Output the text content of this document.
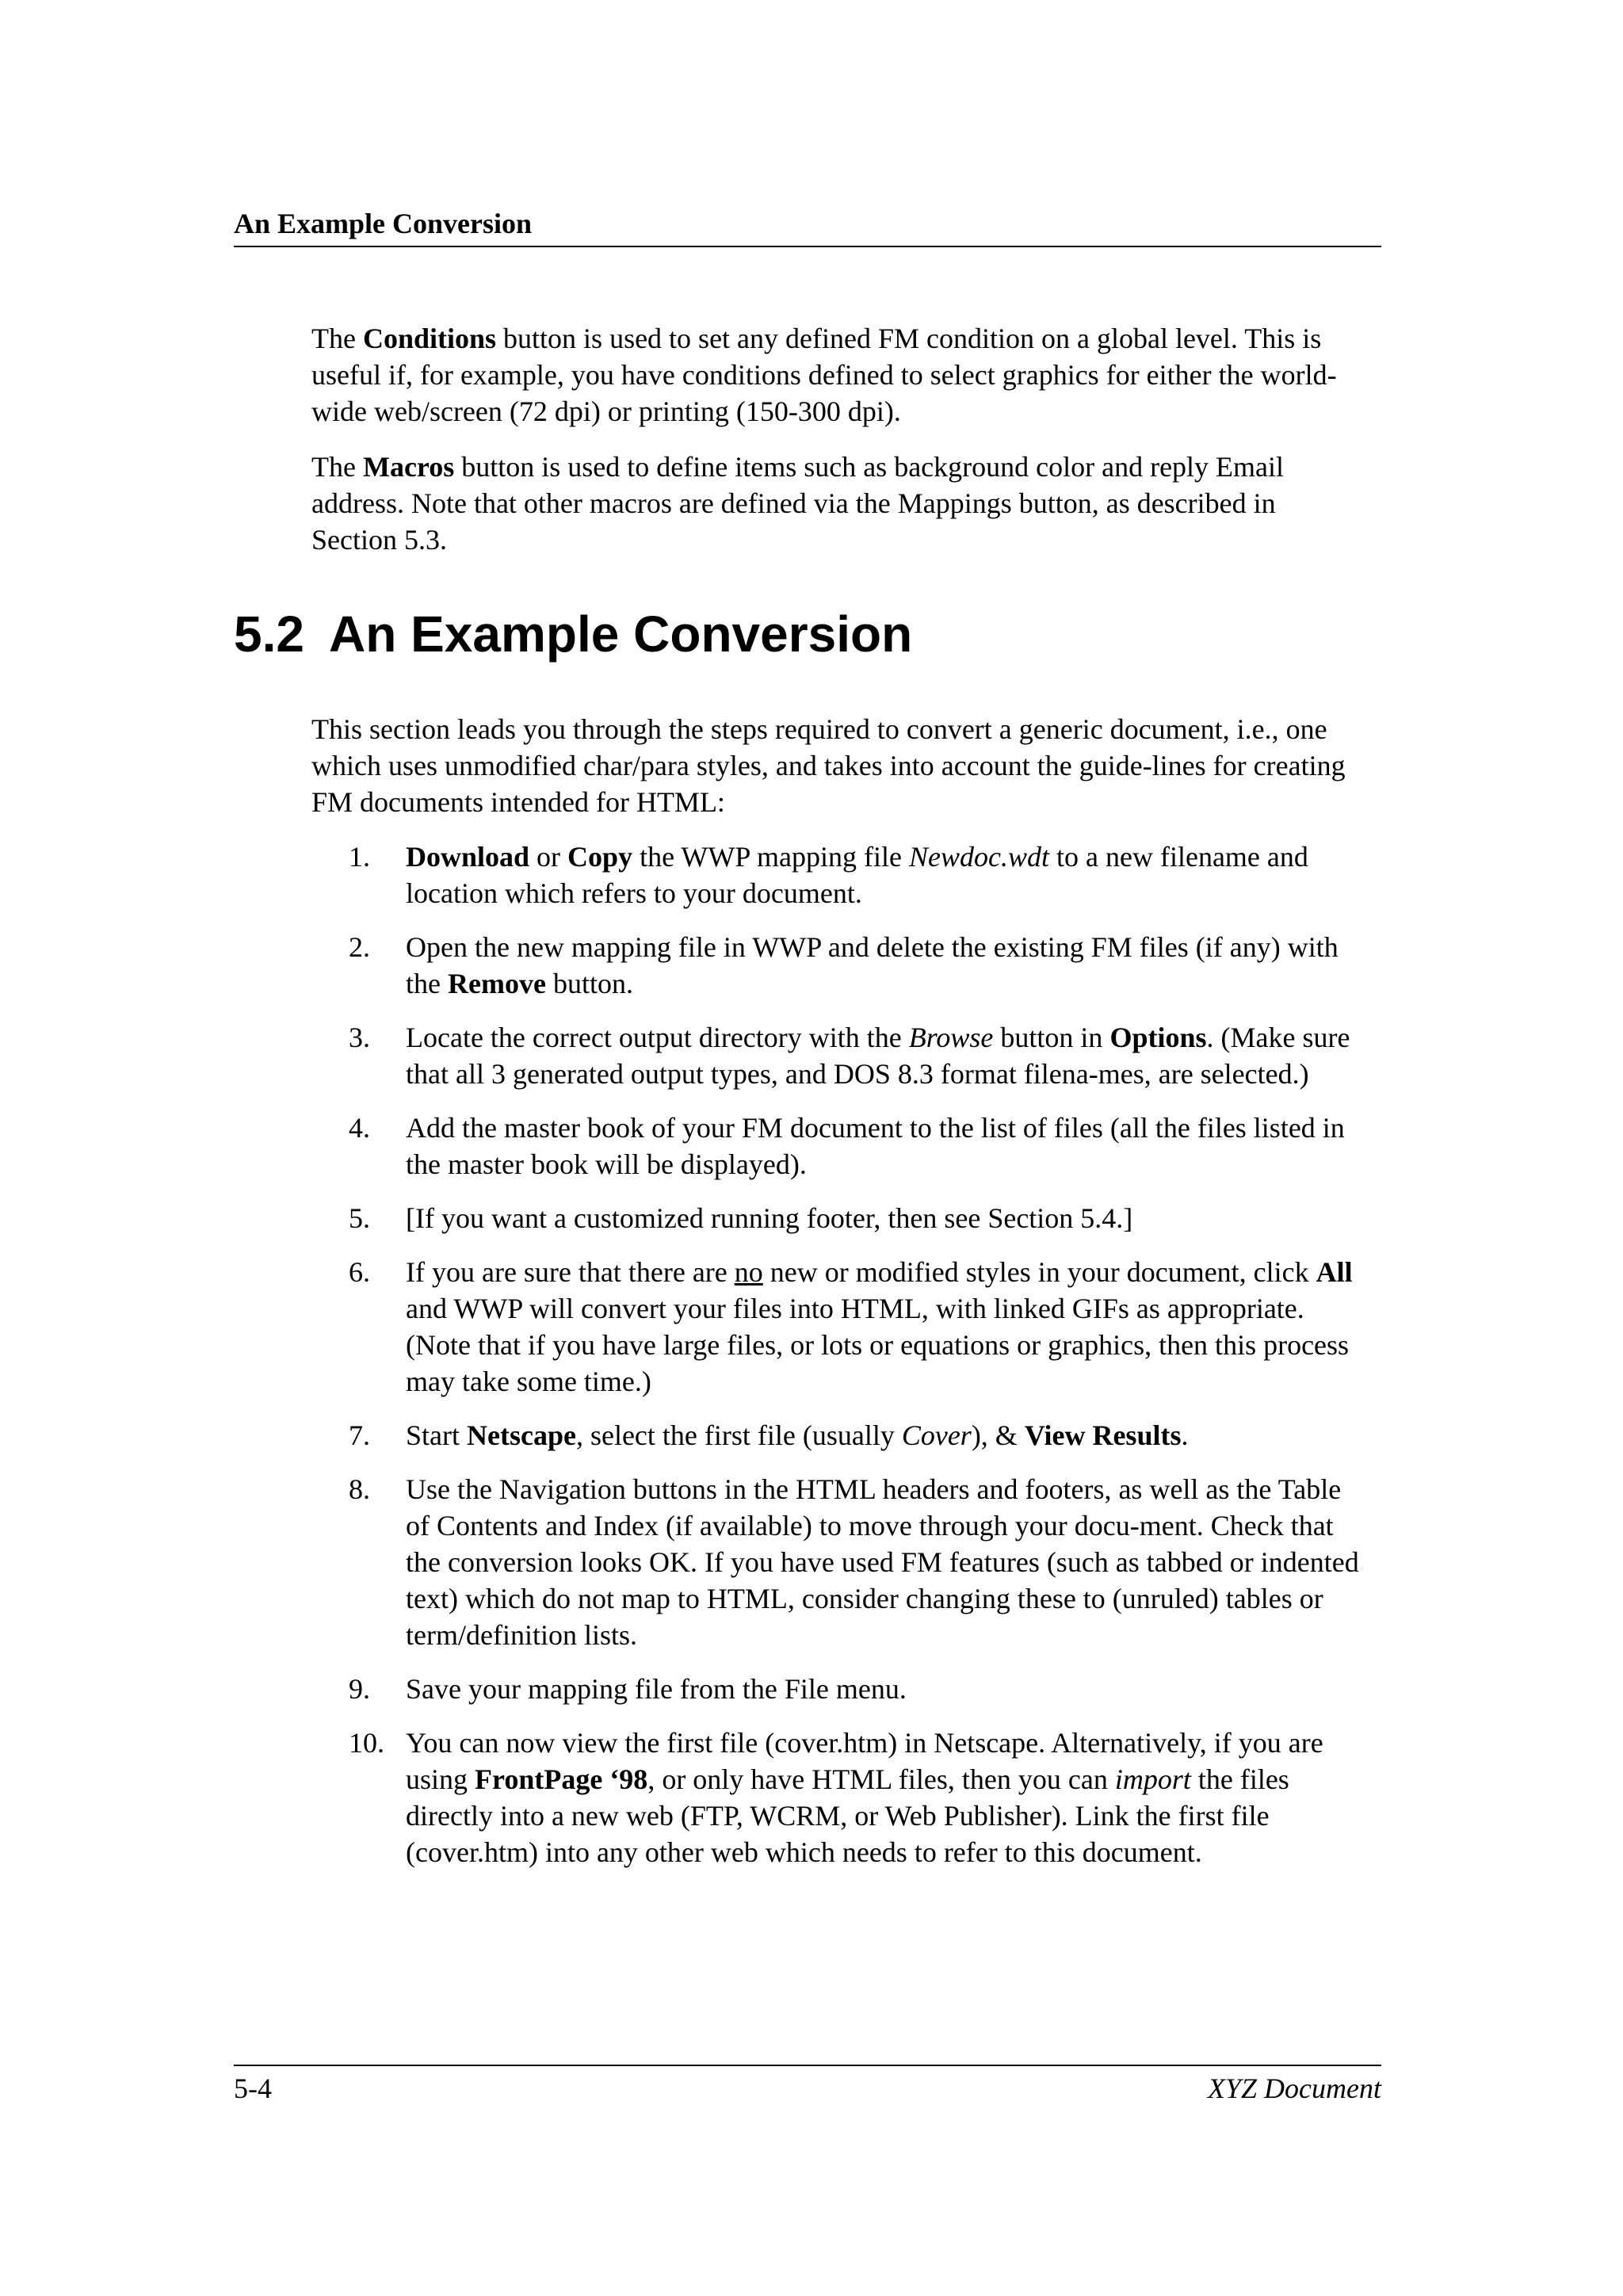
An Example Conversion

The Conditions button is used to set any defined FM condition on a global level. This is useful if, for example, you have conditions defined to select graphics for either the world-wide web/screen (72 dpi) or printing (150-300 dpi).

The Macros button is used to define items such as background color and reply Email address. Note that other macros are defined via the Mappings button, as described in Section 5.3.

5.2 An Example Conversion

This section leads you through the steps required to convert a generic document, i.e., one which uses unmodified char/para styles, and takes into account the guide-lines for creating FM documents intended for HTML:

1.	Download or Copy the WWP mapping file Newdoc.wdt to a new filename and location which refers to your document.
2.	Open the new mapping file in WWP and delete the existing FM files (if any) with the Remove button.
3.	Locate the correct output directory with the Browse button in Options. (Make sure that all 3 generated output types, and DOS 8.3 format filena-mes, are selected.)
4.	Add the master book of your FM document to the list of files (all the files listed in the master book will be displayed).
5.	[If you want a customized running footer, then see Section 5.4.]
6.	If you are sure that there are no new or modified styles in your document, click All and WWP will convert your files into HTML, with linked GIFs as appropriate. (Note that if you have large files, or lots or equations or graphics, then this process may take some time.)
7.	Start Netscape, select the first file (usually Cover), & View Results.
8.	Use the Navigation buttons in the HTML headers and footers, as well as the Table of Contents and Index (if available) to move through your docu-ment. Check that the conversion looks OK. If you have used FM features (such as tabbed or indented text) which do not map to HTML, consider changing these to (unruled) tables or term/definition lists.
9.	Save your mapping file from the File menu.
10. You can now view the first file (cover.htm) in Netscape. Alternatively, if you are using FrontPage ‘98, or only have HTML files, then you can import the files directly into a new web (FTP, WCRM, or Web Publisher). Link the first file (cover.htm) into any other web which needs to refer to this document.
5-4	XYZ Document
